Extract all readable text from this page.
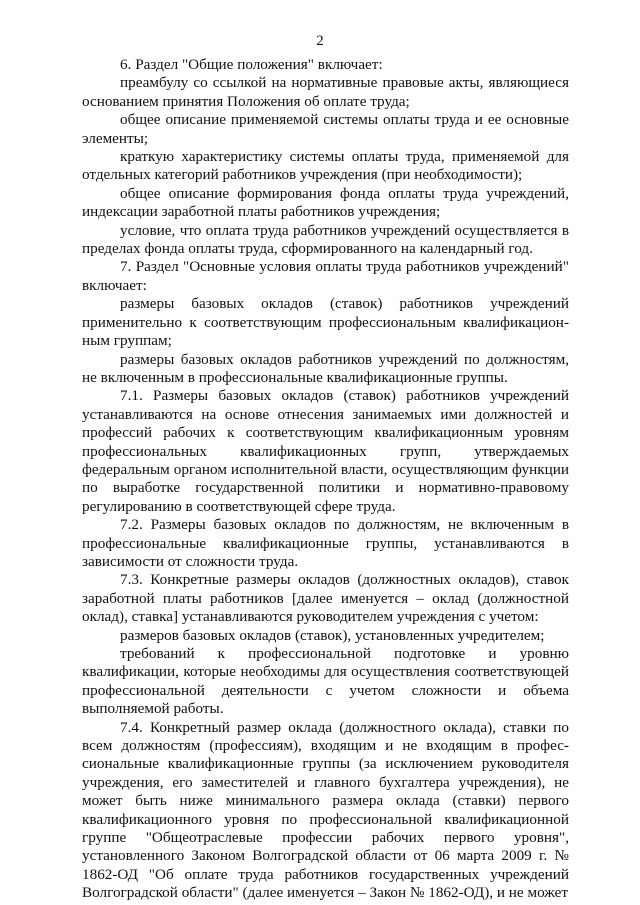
2

6. Раздел "Общие положения" включает:

преамбулу со ссылкой на нормативные правовые акты, являющиеся основанием принятия Положения об оплате труда;

общее описание применяемой системы оплаты труда и ее основные элементы;

краткую характеристику системы оплаты труда, применяемой для отдельных категорий работников учреждения (при необходимости);

общее описание формирования фонда оплаты труда учреждений, индексации заработной платы работников учреждения;

условие, что оплата труда работников учреждений осуществляется в пределах фонда оплаты труда, сформированного на календарный год.

7. Раздел "Основные условия оплаты труда работников учреждений" включает:

размеры базовых окладов (ставок) работников учреждений применительно к соответствующим профессиональным квалификацион-ным группам;

размеры базовых окладов работников учреждений по должностям, не включенным в профессиональные квалификационные группы.

7.1. Размеры базовых окладов (ставок) работников учреждений устанавливаются на основе отнесения занимаемых ими должностей и профессий рабочих к соответствующим квалификационным уровням профессиональных квалификационных групп, утверждаемых федеральным органом исполнительной власти, осуществляющим функции по выработке государственной политики и нормативно-правовому регулированию в соответствующей сфере труда.

7.2. Размеры базовых окладов по должностям, не включенным в профессиональные квалификационные группы, устанавливаются в зависимости от сложности труда.

7.3. Конкретные размеры окладов (должностных окладов), ставок заработной платы работников [далее именуется – оклад (должностной оклад), ставка] устанавливаются руководителем учреждения с учетом:

размеров базовых окладов (ставок), установленных учредителем;

требований к профессиональной подготовке и уровню квалификации, которые необходимы для осуществления соответствующей профессиональной деятельности с учетом сложности и объема выполняемой работы.

7.4. Конкретный размер оклада (должностного оклада), ставки по всем должностям (профессиям), входящим и не входящим в профес-сиональные квалификационные группы (за исключением руководителя учреждения, его заместителей и главного бухгалтера учреждения), не может быть ниже минимального размера оклада (ставки) первого квалификационного уровня по профессиональной квалификационной группе "Общеотраслевые профессии рабочих первого уровня", установленного Законом Волгоградской области от 06 марта 2009 г. № 1862-ОД "Об оплате труда работников государственных учреждений Волгоградской области" (далее именуется – Закон № 1862-ОД), и не может
